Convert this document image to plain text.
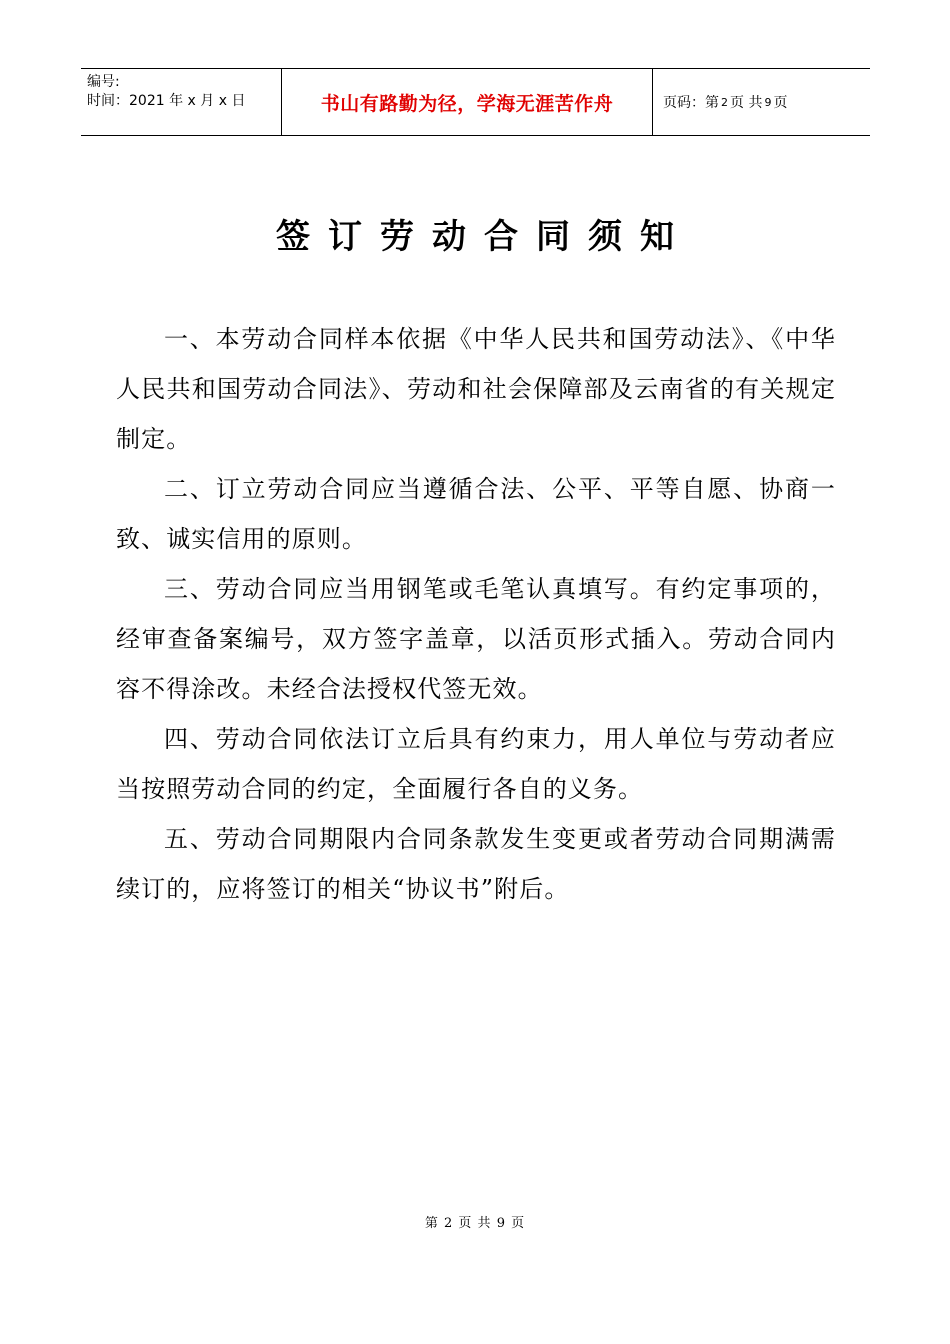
编号:
时间：2021 年 x 月 x 日	书山有路勤为径，学海无涯苦作舟	页码：第 2 页 共 9 页
签订劳动合同须知

一、本劳动合同样本依据《中华人民共和国劳动法》、《中华人民共和国劳动合同法》、劳动和社会保障部及云南省的有关规定制定。

二、订立劳动合同应当遵循合法、公平、平等自愿、协商一致、诚实信用的原则。

三、劳动合同应当用钢笔或毛笔认真填写。有约定事项的，经审查备案编号，双方签字盖章，以活页形式插入。劳动合同内容不得涂改。未经合法授权代签无效。

四、劳动合同依法订立后具有约束力，用人单位与劳动者应当按照劳动合同的约定，全面履行各自的义务。

五、劳动合同期限内合同条款发生变更或者劳动合同期满需续订的，应将签订的相关“协议书”附后。

第 2 页 共 9 页
